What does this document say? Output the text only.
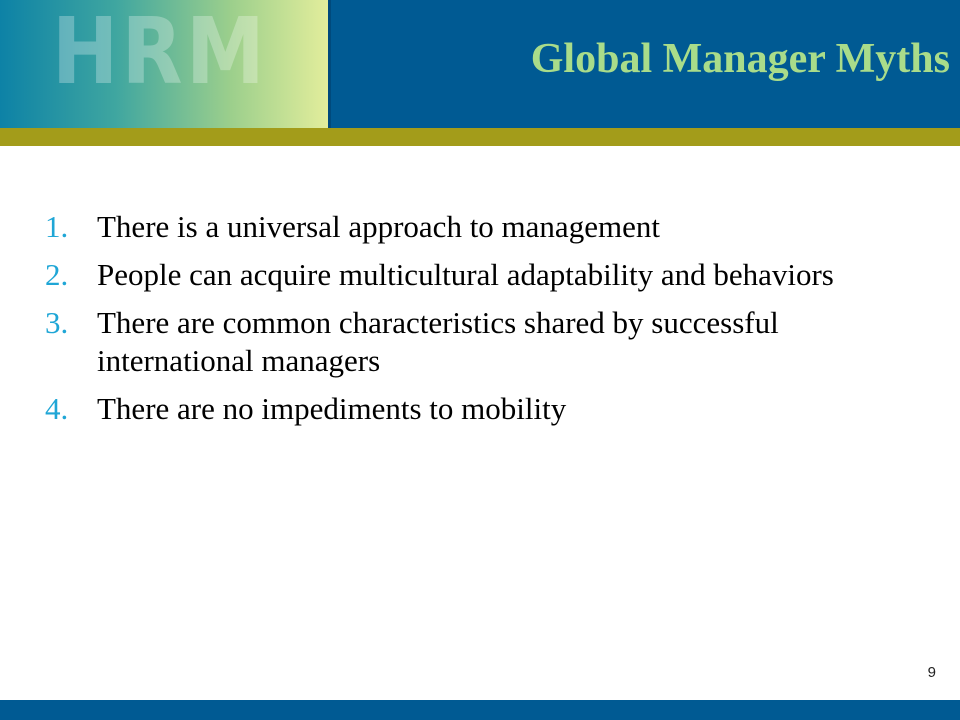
HRM	Global Manager Myths
1. There is a universal approach to management
2. People can acquire multicultural adaptability and behaviors
3. There are common characteristics shared by successful international managers
4. There are no impediments to mobility
9
